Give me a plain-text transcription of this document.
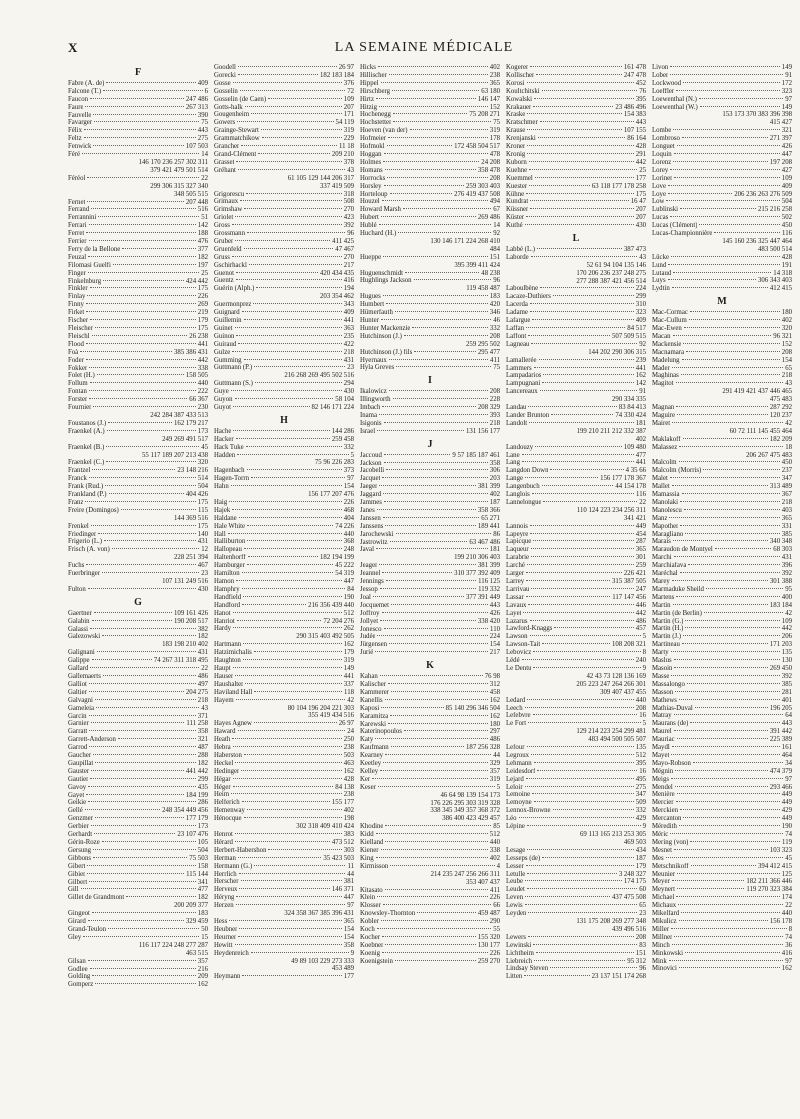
X	LA SEMAINE MÉDICALE
F
Fabre (A. de)	409
Falcone (T.)	6
Faucon	247 486
Faure	267 313
Fauvelle	390
Favarger	75
Félix	443
Feltz	275
Fenwick	107 503
Féré	14
146 170 236 257 302 311
379 421 479 501 514
Féréol	22
299 306 315 327 340
348 505 515
Fernet	207 448
Ferrand	516
Ferrannini	51
Ferrari	142
Ferret	188
Ferrier	476
Ferry de la Bellone	377
Feuzal	182
Filomasi Guelfi	197
Finger	25
Finkelnburg	424 442
Finkler	175
Finlay	226
Finny	269
Firket	219
Fischer	179
Fleischer	175
Fleischl	26 238
Flood	441
Foà	385 386 431
Foder	442
Fokker	338
Folet (H.)	158 505
Follum	440
Fontan	222
Forster	66 367
Fournier	230
242 284 387 433 513
Foustanos (J.)	162 179 217
Fraenkel (A.)	173
249 269 491 517
Fraenkel (B.)	45
55 117 189 207 213 438
Fraenkel (C.)	320
Frantzel	23 148 216
Franck	514
Frank (Rud.)	504
Frankland (P.)	404 426
Franz	175
Freire (Domingos)	115
144 369 516
Frenkel	175
Friedinger	140
Frigerio (L.)	431
Frisch (A. von)	12
228 251 394
Fuchs	467
Fuerbringer	23
107 131 249 516
Fulton	430
G
Gaertner	109 161 426
Galabin	190 208 517
Galassi	382
Galezowski	182
183 198 210 402
Galignani	431
Galippe	74 267 311 318 495
Gallard	22
Gallemaerts	486
Galliot	497
Galtier	204 275
Galvagni	218
Gameleia	43
Garcin	371
Garnier	111 258
Garratt	358
Garrett-Anderson	321
Garrod	487
Gaucher	288
Gaupillat	182
Gauster	441 442
Gautier	299
Gavoy	435
Gayet	184 199
Geikie	286
Gellé	248 354 449 456
Genzmer	177 179
Gerbier	173
Gerhardt	23 107 476
Gérin-Roze	105
Gersung	504
Gibbons	75 503
Gibert	158
Gibier	115 144
Gilbert	341
Gill	477
Gillet de Grandmont	182
200 209 377
Gingeot	183
Girard	329 459
Grand-Teulon	50
Gley	15
116 117 224 248 277 287
463 515
Gilsan	357
Godlee	216
Golding	209
Gomperz	162
Goodell	26 97
Gorecki	182 183 184
Gosse	376
Gosselin	72
Gosselin (de Caen)	109
Gotts-halk	207
Gougenheim	171
Gowers	54 119
Grainge-Stewart	319
Grammatchikow	229
Grancher	11 18
Grand-Clément	209 210
Grasset	378
Gréhant	43
61 105 129 144 206 317
337 419 509
Grigorescu	318
Grimaux	508
Grimshaw	270
Griolet	423
Gross	392
Grossmann	96
Gruber	411 425
Gruenfeld	47 467
Gruss	270
Gschirhackl	217
Guenot	420 434 435
Guentz	416
Guérin (Alph.)	194
203 354 462
Guermonprez	343
Guignard	409
Guillemin	441
Guinet	363
Guinon	235
Guiraud	422
Gulze	218
Gumming	431
Guttmann (P.)	23
216 268 269 495 502 516
Guttmann (S.)	294
Guye	430
Guyon	58 104
Guyot	82 146 171 224
H
Hache	144 286
Hacker	259 458
Hack Tuke	332
Hadden	5
75 96 226 283
Hagenbach	373
Hagen-Torrn	97
Hahn	154
156 177 207 476
Haig	226
Hajek	468
Haldane	404
Hale White	74 226
Hall	440
Halliburton	368
Hallopeau	248
Haltenhorff	182 194 199
Hamburger	45 222
Hamilton	54 319
Hamon	447
Hamphry	84
Handfield	190
Handford	216 356 439 440
Hanot	512
Hanriot	72 204 276
Hardy	262
290 315 403 492 505
Hartmann	162
Hatzimichalis	179
Haughton	319
Haupt	149
Hauser	441
Haushalter	337
Haviland Hall	118
Hayem	42
80 104 196 204 221 303
355 419 434 516
Hayes Agnew	26 97
Haward	24
Heath	250
Hebra	238
Haberston	503
Heckel	463
Hedinger	162
Hégar	428
Héger	84 138
Heim	238
Helferich	155 177
Hemenway	402
Hénocque	198
302 318 409 410 424
Henrot	383
Hérard	473 512
Herbert-Habershon	303
Herman	35 423 503
Hermann (G.)	11
Herrlich	44
Herscher	381
Herveux	146 371
Héryng	447
Herzen	97
324 358 367 385 396 431
Hess	365
Heubner	154
Heurner	154
Hewitt	358
Heydenreich	9
49 89 103 229 273 333
453 489
Heymann	177
Hicks	402
Hillischer	238
Hippel	365
Hirschberg	63 180
Hirtz	146 147
Hitzig	152
Hochenegg	75 208 271
Hochstetter	75
Hoeven (van der)	319
Hofmeier	178
Hofmokl	172 458 504 517
Hoggan	478
Holmes	24 208
Homans	358 478
Horrocks	208
Horsley	259 303 403
Horteloup	276 419 437 508
Houzel	494
Howard Marsh	67
Hubert	269 486
Hublé	14
Huchard (H.)	92
130 146 171 224 268 410
484
Hueppe	151
395 399 411 424
Huguenschmidt	48 238
Hughlings Jackson	96
119 458 487
Hugues	183
Humbert	420
Hümerfauth	346
Hunter	46
Hunter Mackenzie	332
Hutchinson (J.)	208
259 295 502
Hutchinson (J.) fils	295 477
Hyernaux	411
Hyla Greves	75
I
Ikalowicz	208
Illingworth	228
Imbach	208 329
Inama	393
Isigonis	218
Israel	131 156 177
J
Jaccoud	9 57 185 187 461
Jackson	358
Jacobelli	306
Jacquet	203
Jaeger	381 399
Jaggard	402
Jammes	187
Janes	358 366
Janssen	65 271
Janssens	189 441
Jarochewski	86
Jastrowitz	63 467 486
Javal	181
199 210 306 403
Jeager	381 399
Jeannel	310 377 392 409
Jennings	116 125
Jessop	119 332
Joal	377 391 449
Jocquemet	443
Joffroy	426
Jollyet	338 420
Jonesco	110
Judée	224
Jürgensen	154
Jurié	217
K
Kahan	76 98
Kalischer	312
Kammerer	458
Kanellis	162
Kaposi	85 140 296 346 504
Karamitza	162
Karewski	180
Katerinopoulos	297
Katy	486
Kaufmann	187 256 328
Kearney	44
Keetley	329
Kelley	357
Ker	319
Keser	5
46 64 98 139 154 173
176 226 295 303 319 328
338 345 349 357 368 372
386 400 423 429 457
Khodine	85
Kidd	512
Kielland	440
Kiener	338
King	402
Kirmisson	4
214 235 247 256 266 311
353 407 437
Kitasato	411
Klein	226
Klosser	66
Knowsley-Thornton	459 487
Kobler	290
Koch	55
Kocher	155 320
Koebner	130 177
Koenig	226
Koenigstein	259 270
Kogerer	161 478
Kollischer	247 478
Korosi	452
Koultchitski	76
Kowalski	395
Krakauer	23 486 496
Kraske	154 383
Kratschmer	443
Krause	107 155
Krenjanski	86 164
Kroner	428
Kronig	291
Kuborn	442
Kuehne	25
Kuemmel	177
Kuester	63 118 177 178 258
Kühne	175
Kundrat	16 47
Küssner	207
Küster	207
Kuthé	430
L
Labbé (L.)	387 473
Laborde	43
52 61 94 104 135 146
170 206 236 237 248 275
277 288 387 421 456 514
Laboulbène	224
Lacaze-Duthiers	299
Lacerda	310
Ladame	323
Lafargue	409
Laffan	84 517
Laffont	507 509 515
Lagneau	92
144 202 290 306 315
Lamallerée	239
Lammers	441
Lampadarios	162
Lampugnani	142
Lancereaux	91
290 334 335
Landau	83 84 413
Lander Brunton	74 330 424
Landolt	181
199 210 211 212 332 387
402
Landouzy	109 480
Lane	477
Lang	441
Langdon Down	4 35 66
Lange	156 177 178 367
Langenbuch	44 154 178
Langlois	116
Lannelongue	22
110 124 223 234 256 311
341 421
Lannois	449
Lapeyre	454
Lapicque	287
Laqueur	365
Larabrie	301
Larché	259
Larger	226 421
Larrey	315 387 505
Larrivau	247
Lassar	117 147 456
Lavaux	446
Layet	442
Lazarus	486
Lawford-Knaggs	457
Lawson	5
Lawson-Tait	108 208 321
Lebovicz	8
Lédé	240
Le Dentu	9
42 43 73 128 136 169
205 223 247 264 266 301
309 407 437 455
Ledard	440
Leech	208
Lefebvre	16
Le Fort	5
129 214 223 254 299 481
483 494 500 505 507
Lefour	135
Legroux	512
Lehmann	395
Leidesdorf	16
Lejard	495
Leloir	275
Lemoine	347
Lemoyne	509
Lennox-Browne	332
Léo	429
Lépine	9
69 113 165 213 253 305
469 503
Lesage	434
Lesseps (de)	187
Lesser	179
Letulle	3 248 327
Leube	174 175
Leudet	60
Leven	437 475 508
Lewis	65
Leyden	23
131 175 208 269 277 348
439 496 516
Lewers	208
Lewinski	83
Lichtheim	151
Liebreich	95 312
Lindsay Steven	96
Litten	23 137 151 174 268
Livon	149
Lober	91
Lockwood	172
Loeffler	323
Loewenthal (N.)	97
Loewenthal (W.)	149
153 173 370 383 396 398
415 427
Lombe	321
Lombroso	271 397
Longuet	426
Loquin	447
Lorenz	197 208
Lorey	427
Loriner	109
Love	409
Loye	206 236 263 276 509
Low	504
Lublinski	215 216 258
Lucas	502
Lucas (Clément)	450
Lucas-Championnière	116
145 160 236 325 447 464
483 500 514
Lücke	428
Lund	191
Lutaud	14 318
Luys	306 343 403
Lydtin	412 415
M
Mac-Cormac	180
Mac-Cullum	402
Mac-Ewen	320
Macan	96 321
Mackensie	152
Macnamara	208
Madelung	154
Mader	65
Maghinas	218
Magitot	43
291 419 421 437 446 465
475 483
Magnan	287 292
Maguire	120 237
Mairet	42
60 72 111 145 455 464
Maklakoff	182 209
Malassez	18
206 267 475 483
Malcolm	450
Malcolm (Morris)	237
Malet	347
Mallet	313 489
Mamassia	367
Manolaki	218
Manolescu	403
Manz	365
Mapother	331
Maragliano	385
Marais	340 348
Maraudon de Montyel	68 303
Marchi	431
Marchiafava	396
Maréchal	392
Marey	301 388
Marmaduke Sheild	95
Martens	400
Martin	183 184
Martin (de Berlin)	42
Martin (G.)	109
Martin (H.)	442
Martin (J.)	206
Martineau	171 203
Marty	135
Maslus	130
Masoin	269 450
Masse	392
Massalongo	385
Masson	281
Mathews	401
Mathias-Duval	196 205
Matray	64
Maurans (de)	443
Maurel	391 442
Mauriac	225 389
Maydl	161
Mayet	464
Mayo-Robson	34
Mégnin	474 379
Meigs	97
Mendel	293 466
Menière	449
Mercier	449
Merckien	429
Mercanton	449
Méredith	190
Méric	74
Mering (von)	119
Mesnet	103 323
Mes	45
Metschnikoff	394 412 415
Meunier	125
Meyer	182 211 366 446
Meynert	119 270 323 384
Michael	174
Michaux	22
Mikelfard	440
Mikulicz	156 178
Miller	8
Millner	74
Minch	36
Minkowski	416
Mink	97
Minovici	162
